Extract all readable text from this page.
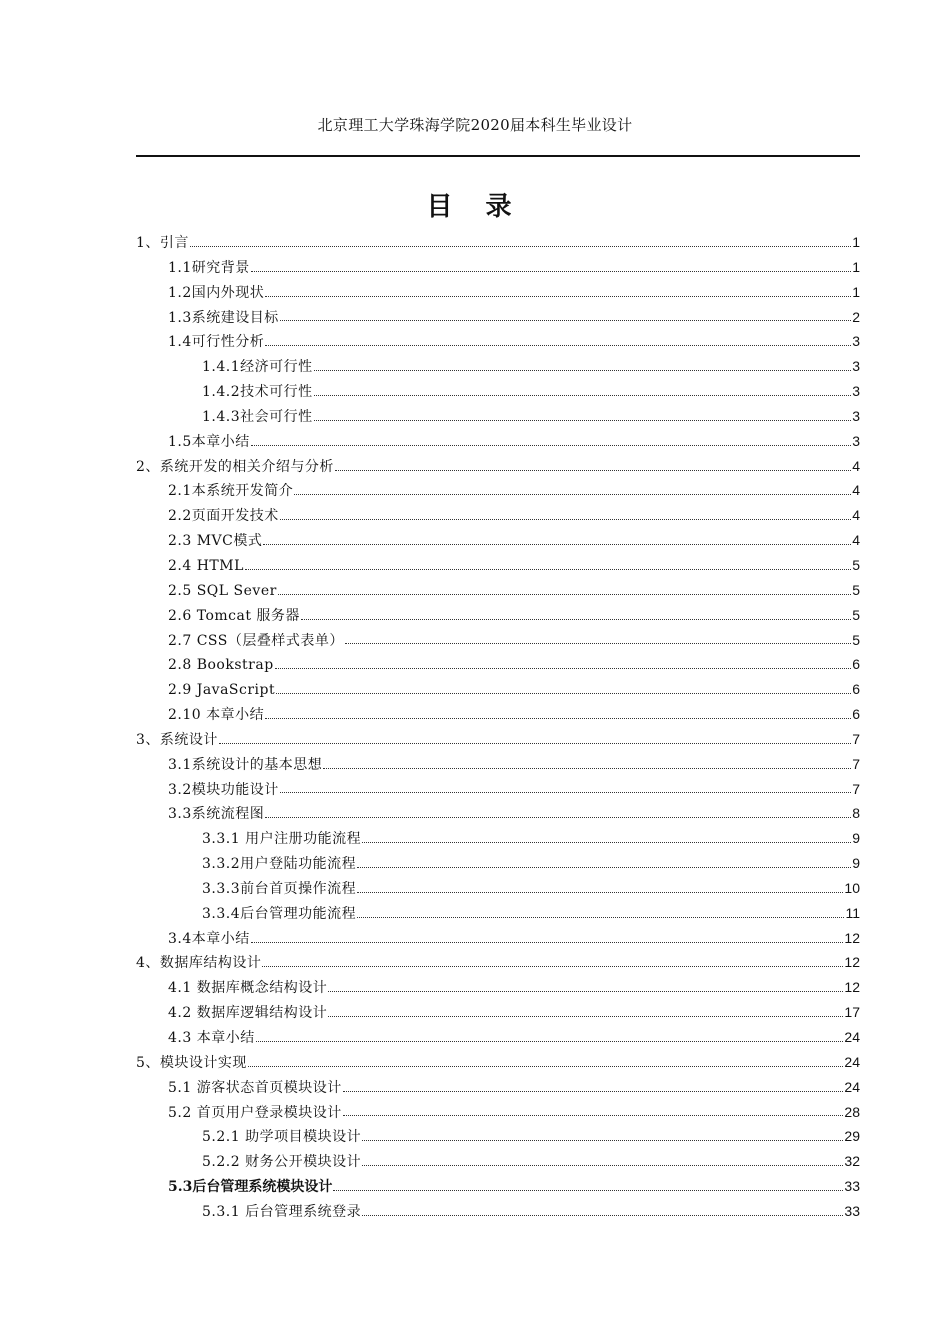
北京理工大学珠海学院2020届本科生毕业设计
目 录
1、引言	1
1.1研究背景	1
1.2国内外现状	1
1.3系统建设目标	2
1.4可行性分析	3
1.4.1经济可行性	3
1.4.2技术可行性	3
1.4.3社会可行性	3
1.5本章小结	3
2、系统开发的相关介绍与分析	4
2.1本系统开发简介	4
2.2页面开发技术	4
2.3 MVC模式	4
2.4 HTML	5
2.5 SQL Sever	5
2.6 Tomcat 服务器	5
2.7 CSS（层叠样式表单）	5
2.8 Bookstrap	6
2.9 JavaScript	6
2.10 本章小结	6
3、系统设计	7
3.1系统设计的基本思想	7
3.2模块功能设计	7
3.3系统流程图	8
3.3.1 用户注册功能流程	9
3.3.2用户登陆功能流程	9
3.3.3前台首页操作流程	10
3.3.4后台管理功能流程	11
3.4本章小结	12
4、数据库结构设计	12
4.1 数据库概念结构设计	12
4.2 数据库逻辑结构设计	17
4.3 本章小结	24
5、模块设计实现	24
5.1 游客状态首页模块设计	24
5.2 首页用户登录模块设计	28
5.2.1 助学项目模块设计	29
5.2.2 财务公开模块设计	32
5.3后台管理系统模块设计	33
5.3.1 后台管理系统登录	33
